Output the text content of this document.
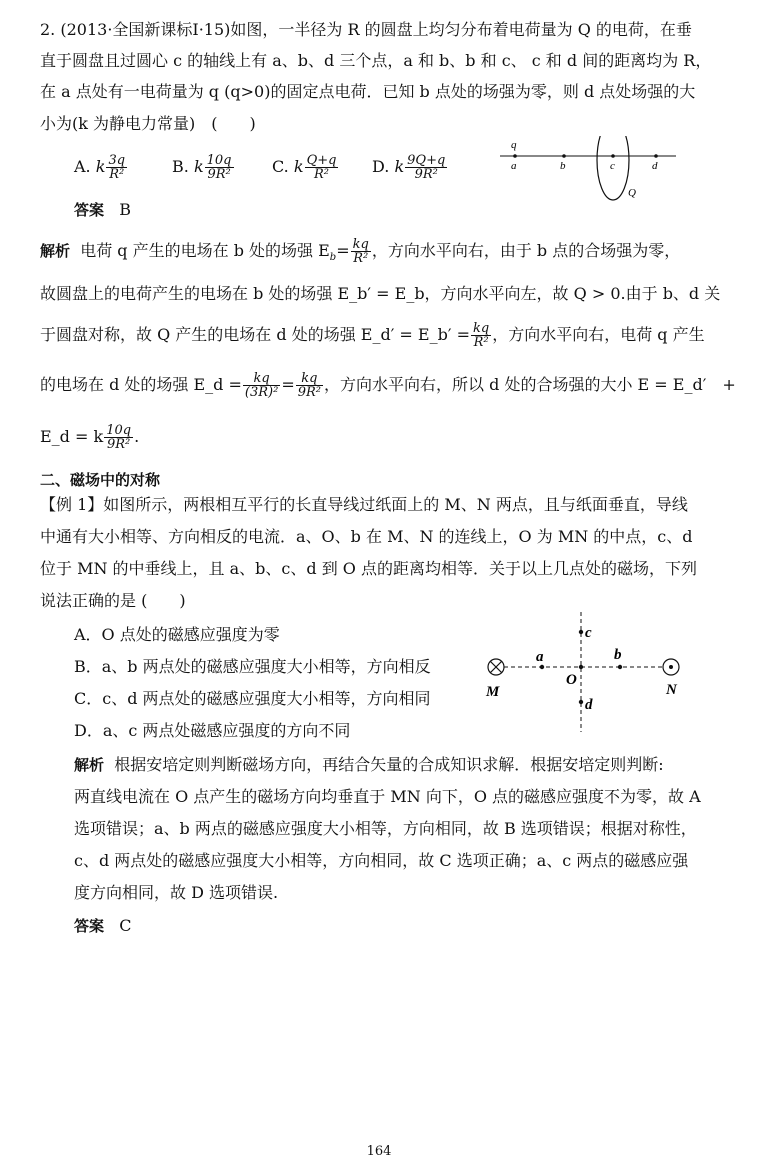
2. (2013·全国新课标Ⅰ·15)如图，一半径为 R 的圆盘上均匀分布着电荷量为 Q 的电荷，在垂
直于圆盘且过圆心 c 的轴线上有 a、b、d 三个点，a 和 b、b 和 c、 c 和 d 间的距离均为 R，
在 a 点处有一电荷量为 q (q>0)的固定点电荷．已知 b 点处的场强为零，则 d 点处场强的大
小为(k 为静电力常量)　(　　)
A. k $\frac{3q}{\text{R²}}$	B. k $\frac{10q}{\text{9R²}} C$. k $\frac{Q+q}{\text{R²}} D$. k $\frac{9Q+q}{\text{9R²}}$
q
a	b	c	d
Q
答案 B
解析 电荷 q 产生的电场在 b 处的场强 $E_b= \frac{kq}{\text{R²}}$ ，方向水平向右，由于 b 点的合场强为零，
故圆盘上的电荷产生的电场在 b 处的场强 E_b′ = E_b，方向水平向左，故 Q > 0.由于 b、d 关
于圆盘对称，故 Q 产生的电场在 d 处的场强 E_d′ = E_b′ = $\frac{kq}{\text{R²}}$ ，方向水平向右，电荷 q 产生
的电场在 d 处的场强 E_d = $\frac{kq}{\text{(3R)²}} = \frac{kq}{\text{9R²}}$ ，方向水平向右，所以 d 处的合场强的大小 E = E_d′　+
E_d = k $\frac{10q}{\text{9R²}}$ .
二、磁场中的对称
【例 1】如图所示，两根相互平行的长直导线过纸面上的 M、N 两点，且与纸面垂直，导线
中通有大小相等、方向相反的电流．a、O、b 在 M、N 的连线上，O 为 MN 的中点，c、d
位于 MN 的中垂线上，且 a、b、c、d 到 O 点的距离均相等．关于以上几点处的磁场，下列
说法正确的是 (　　)
A．O 点处的磁感应强度为零
B．a、b 两点处的磁感应强度大小相等，方向相反
C．c、d 两点处的磁感应强度大小相等，方向相同
D．a、c 两点处磁感应强度的方向不同
M	N
O
a	b
c
d
解析 根据安培定则判断磁场方向，再结合矢量的合成知识求解．根据安培定则判断:
两直线电流在 O 点产生的磁场方向均垂直于 MN 向下，O 点的磁感应强度不为零，故 A
选项错误；a、b 两点的磁感应强度大小相等，方向相同，故 B 选项错误；根据对称性，
c、d 两点处的磁感应强度大小相等，方向相同，故 C 选项正确；a、c 两点的磁感应强
度方向相同，故 D 选项错误.
答案 C
164
